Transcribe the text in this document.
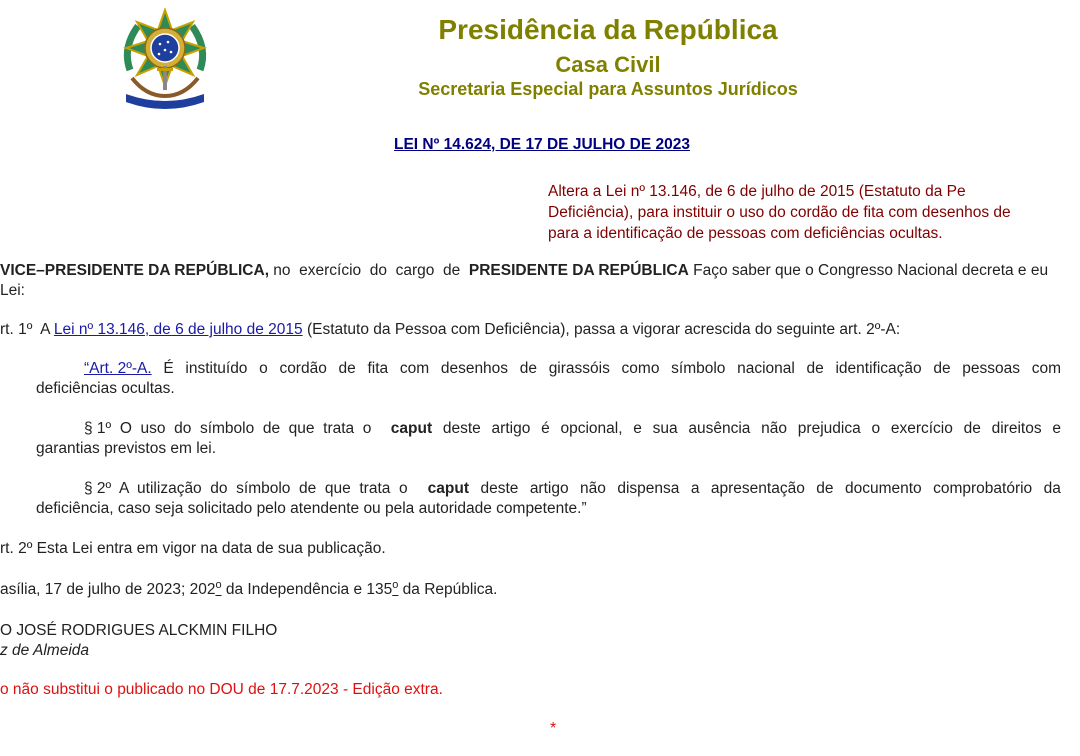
Presidência da República
Casa Civil
Secretaria Especial para Assuntos Jurídicos
LEI Nº 14.624, DE 17 DE JULHO DE 2023
Altera a Lei nº 13.146, de 6 de julho de 2015 (Estatuto da Pe
Deficiência), para instituir o uso do cordão de fita com desenhos de
para a identificação de pessoas com deficiências ocultas.
VICE–PRESIDENTE DA REPÚBLICA, no  exercício  do  cargo  de  PRESIDENTE DA REPÚBLICA Faço saber que o Congresso Nacional decreta e eu
Lei:
rt. 1º  A Lei nº 13.146, de 6 de julho de 2015 (Estatuto da Pessoa com Deficiência), passa a vigorar acrescida do seguinte art. 2º-A:
“Art. 2º-A. É instituído o cordão de fita com desenhos de girassóis como símbolo nacional de identificação de pessoas com
deficiências ocultas.
§ 1º  O  uso  do  símbolo  de  que  trata  o caput deste artigo é opcional, e sua ausência não prejudica o exercício de direitos e
garantias previstos em lei.
§ 2º  A  utilização  do  símbolo  de  que  trata  o caput deste artigo não dispensa a apresentação de documento comprobatório da
deficiência, caso seja solicitado pelo atendente ou pela autoridade competente.”
rt. 2º Esta Lei entra em vigor na data de sua publicação.
asília, 17 de julho de 2023; 202$^o$ da Independência e 135$^o$ da República.
O JOSÉ RODRIGUES ALCKMIN FILHO
z de Almeida
o não substitui o publicado no DOU de 17.7.2023 - Edição extra.
*
